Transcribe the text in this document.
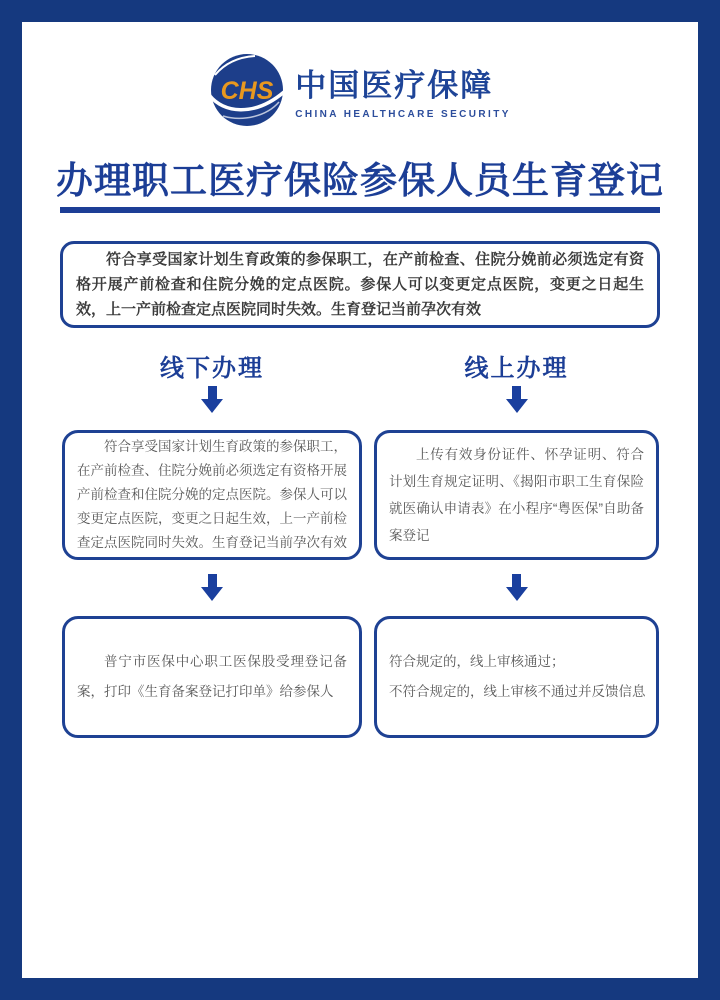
CHS 中国医疗保障
CHINA HEALTHCARE SECURITY
办理职工医疗保险参保人员生育登记

符合享受国家计划生育政策的参保职工，在产前检查、住院分娩前必须选定有资格开展产前检查和住院分娩的定点医院。参保人可以变更定点医院，变更之日起生效，上一产前检查定点医院同时失效。生育登记当前孕次有效

线下办理

符合享受国家计划生育政策的参保职工，在产前检查、住院分娩前必须选定有资格开展产前检查和住院分娩的定点医院。参保人可以变更定点医院，变更之日起生效，上一产前检查定点医院同时失效。生育登记当前孕次有效

普宁市医保中心职工医保股受理登记备案，打印《生育备案登记打印单》给参保人

线上办理

上传有效身份证件、怀孕证明、符合计划生育规定证明、《揭阳市职工生育保险就医确认申请表》在小程序“粤医保”自助备案登记

符合规定的，线上审核通过；

不符合规定的，线上审核不通过并反馈信息
